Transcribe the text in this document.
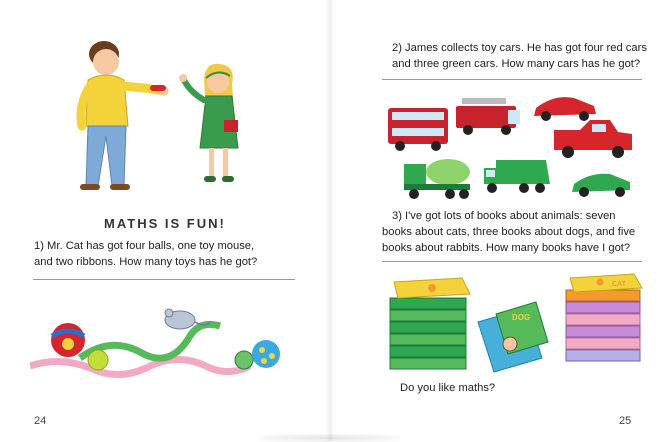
MATHS IS FUN!
1) Mr. Cat has got four balls, one toy mouse,
and two ribbons. How many toys has he got?
24
2) James collects toy cars. He has got four red cars
and three green cars. How many cars has he got?
3) I've got lots of books about animals: seven
books about cats, three books about dogs, and five
books about rabbits. How many books have I got?
DOG
CAT
Do you like maths?
25
